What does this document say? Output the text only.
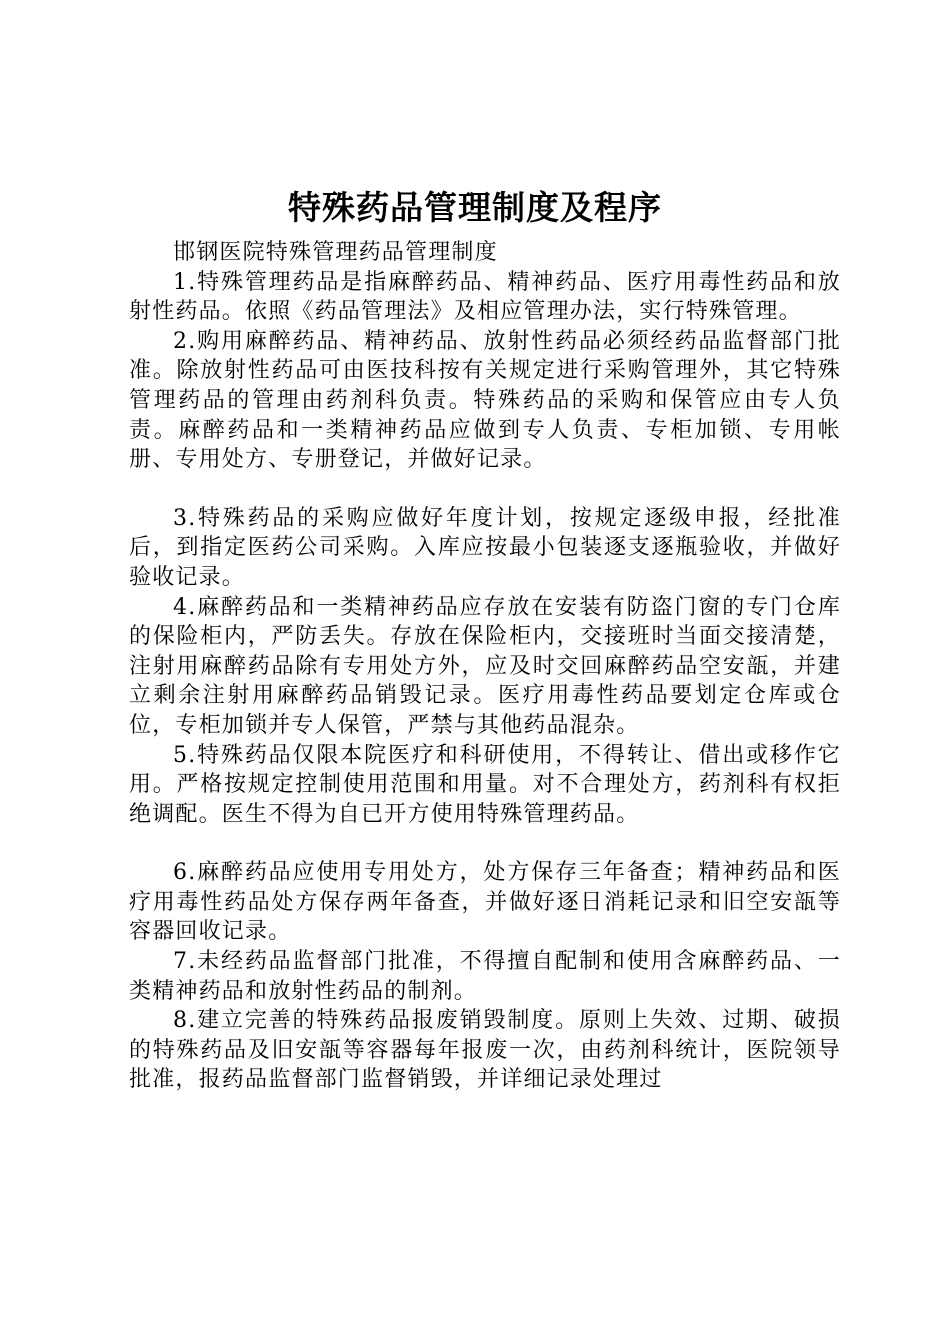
特殊药品管理制度及程序

邯钢医院特殊管理药品管理制度

1.特殊管理药品是指麻醉药品、精神药品、医疗用毒性药品和放射性药品。依照《药品管理法》及相应管理办法，实行特殊管理。

2.购用麻醉药品、精神药品、放射性药品必须经药品监督部门批准。除放射性药品可由医技科按有关规定进行采购管理外，其它特殊管理药品的管理由药剂科负责。特殊药品的采购和保管应由专人负责。麻醉药品和一类精神药品应做到专人负责、专柜加锁、专用帐册、专用处方、专册登记，并做好记录。

3.特殊药品的采购应做好年度计划，按规定逐级申报，经批准后，到指定医药公司采购。入库应按最小包装逐支逐瓶验收，并做好验收记录。

4.麻醉药品和一类精神药品应存放在安装有防盗门窗的专门仓库的保险柜内，严防丢失。存放在保险柜内，交接班时当面交接清楚，注射用麻醉药品除有专用处方外，应及时交回麻醉药品空安瓿，并建立剩余注射用麻醉药品销毁记录。医疗用毒性药品要划定仓库或仓位，专柜加锁并专人保管，严禁与其他药品混杂。

5.特殊药品仅限本院医疗和科研使用，不得转让、借出或移作它用。严格按规定控制使用范围和用量。对不合理处方，药剂科有权拒绝调配。医生不得为自已开方使用特殊管理药品。

6.麻醉药品应使用专用处方，处方保存三年备查；精神药品和医疗用毒性药品处方保存两年备查，并做好逐日消耗记录和旧空安瓿等容器回收记录。

7.未经药品监督部门批准，不得擅自配制和使用含麻醉药品、一类精神药品和放射性药品的制剂。

8.建立完善的特殊药品报废销毁制度。原则上失效、过期、破损的特殊药品及旧安瓿等容器每年报废一次，由药剂科统计，医院领导批准，报药品监督部门监督销毁，并详细记录处理过
